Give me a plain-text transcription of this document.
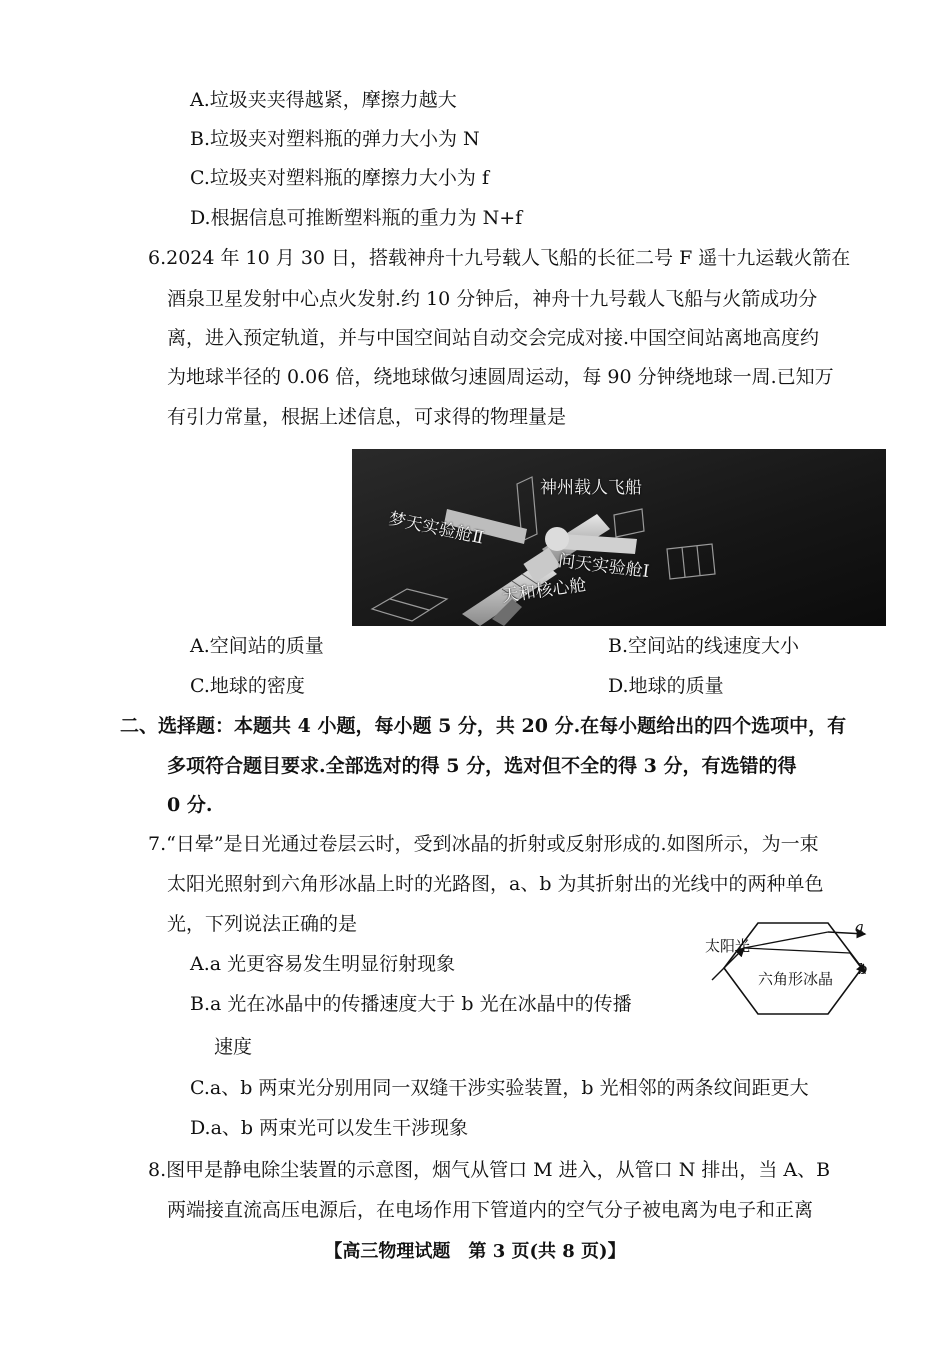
A.垃圾夹夹得越紧，摩擦力越大
B.垃圾夹对塑料瓶的弹力大小为 N
C.垃圾夹对塑料瓶的摩擦力大小为 f
D.根据信息可推断塑料瓶的重力为 N+f
6.2024 年 10 月 30 日，搭载神舟十九号载人飞船的长征二号 F 遥十九运载火箭在
酒泉卫星发射中心点火发射.约 10 分钟后，神舟十九号载人飞船与火箭成功分
离，进入预定轨道，并与中国空间站自动交会完成对接.中国空间站离地高度约
为地球半径的 0.06 倍，绕地球做匀速圆周运动，每 90 分钟绕地球一周.已知万
有引力常量，根据上述信息，可求得的物理量是
神州载人飞船
梦天实验舱Ⅱ
问天实验舱Ⅰ
天和核心舱
A.空间站的质量	B.空间站的线速度大小
C.地球的密度	D.地球的质量
二、选择题：本题共 4 小题，每小题 5 分，共 20 分.在每小题给出的四个选项中，有
多项符合题目要求.全部选对的得 5 分，选对但不全的得 3 分，有选错的得
0 分.
7.“日晕”是日光通过卷层云时，受到冰晶的折射或反射形成的.如图所示，为一束
太阳光照射到六角形冰晶上时的光路图，a、b 为其折射出的光线中的两种单色
光，下列说法正确的是
A.a 光更容易发生明显衍射现象
B.a 光在冰晶中的传播速度大于 b 光在冰晶中的传播
速度
C.a、b 两束光分别用同一双缝干涉实验装置，b 光相邻的两条纹间距更大
D.a、b 两束光可以发生干涉现象
太阳光
六角形冰晶
a
b
8.图甲是静电除尘装置的示意图，烟气从管口 M 进入，从管口 N 排出，当 A、B
两端接直流高压电源后，在电场作用下管道内的空气分子被电离为电子和正离
【高三物理试题　第 3 页(共 8 页)】
